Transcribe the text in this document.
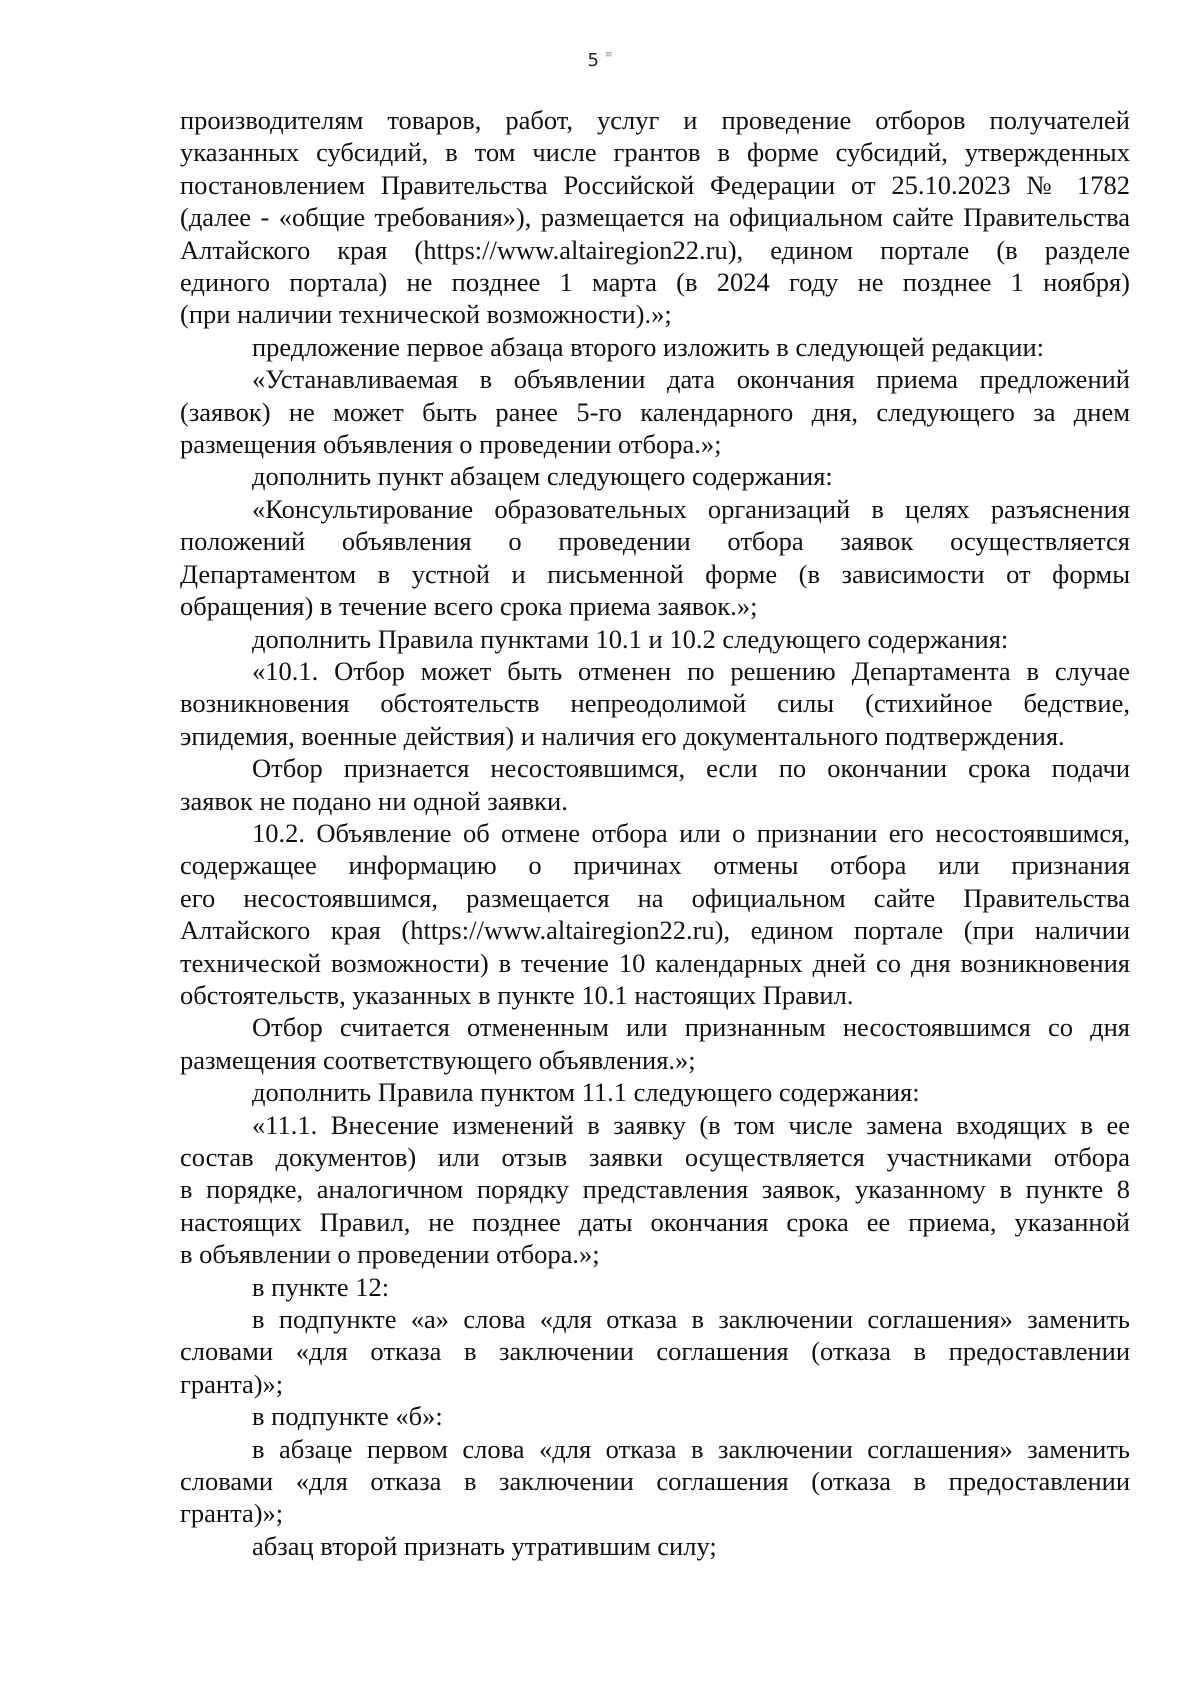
5 ≡
производителям товаров, работ, услуг и проведение отборов получателей
указанных субсидий, в том числе грантов в форме субсидий, утвержденных
постановлением Правительства Российской Федерации от 25.10.2023 № 1782
(далее - «общие требования»), размещается на официальном сайте Правительства
Алтайского края (https://www.altairegion22.ru), едином портале (в разделе
единого портала) не позднее 1 марта (в 2024 году не позднее 1 ноября)
(при наличии технической возможности).»;
предложение первое абзаца второго изложить в следующей редакции:
«Устанавливаемая в объявлении дата окончания приема предложений
(заявок) не может быть ранее 5-го календарного дня, следующего за днем
размещения объявления о проведении отбора.»;
дополнить пункт абзацем следующего содержания:
«Консультирование образовательных организаций в целях разъяснения
положений объявления о проведении отбора заявок осуществляется
Департаментом в устной и письменной форме (в зависимости от формы
обращения) в течение всего срока приема заявок.»;
дополнить Правила пунктами 10.1 и 10.2 следующего содержания:
«10.1. Отбор может быть отменен по решению Департамента в случае
возникновения обстоятельств непреодолимой силы (стихийное бедствие,
эпидемия, военные действия) и наличия его документального подтверждения.
Отбор признается несостоявшимся, если по окончании срока подачи
заявок не подано ни одной заявки.
10.2. Объявление об отмене отбора или о признании его несостоявшимся,
содержащее информацию о причинах отмены отбора или признания
его несостоявшимся, размещается на официальном сайте Правительства
Алтайского края (https://www.altairegion22.ru), едином портале (при наличии
технической возможности) в течение 10 календарных дней со дня возникновения
обстоятельств, указанных в пункте 10.1 настоящих Правил.
Отбор считается отмененным или признанным несостоявшимся со дня
размещения соответствующего объявления.»;
дополнить Правила пунктом 11.1 следующего содержания:
«11.1. Внесение изменений в заявку (в том числе замена входящих в ее
состав документов) или отзыв заявки осуществляется участниками отбора
в порядке, аналогичном порядку представления заявок, указанному в пункте 8
настоящих Правил, не позднее даты окончания срока ее приема, указанной
в объявлении о проведении отбора.»;
в пункте 12:
в подпункте «а» слова «для отказа в заключении соглашения» заменить
словами «для отказа в заключении соглашения (отказа в предоставлении
гранта)»;
в подпункте «б»:
в абзаце первом слова «для отказа в заключении соглашения» заменить
словами «для отказа в заключении соглашения (отказа в предоставлении
гранта)»;
абзац второй признать утратившим силу;
